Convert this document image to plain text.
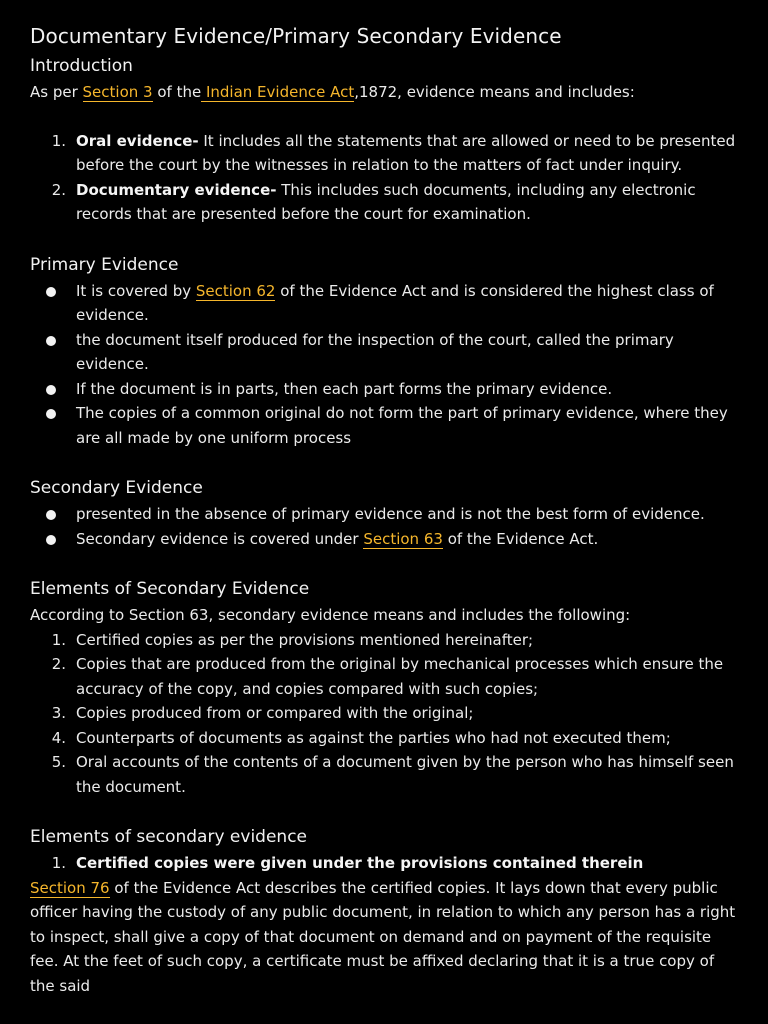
Documentary Evidence/Primary Secondary Evidence
Introduction

As per Section 3 of the Indian Evidence Act,1872, evidence means and includes:

1. Oral evidence- It includes all the statements that are allowed or need to be presented before the court by the witnesses in relation to the matters of fact under inquiry.
2. Documentary evidence- This includes such documents, including any electronic records that are presented before the court for examination.
Primary Evidence
It is covered by Section 62 of the Evidence Act and is considered the highest class of evidence.
the document itself produced for the inspection of the court, called the primary evidence.
If the document is in parts, then each part forms the primary evidence.
The copies of a common original do not form the part of primary evidence, where they are all made by one uniform process
Secondary Evidence
presented in the absence of primary evidence and is not the best form of evidence.
Secondary evidence is covered under Section 63 of the Evidence Act.
Elements of Secondary Evidence

According to Section 63, secondary evidence means and includes the following:

1. Certified copies as per the provisions mentioned hereinafter;
2. Copies that are produced from the original by mechanical processes which ensure the accuracy of the copy, and copies compared with such copies;
3. Copies produced from or compared with the original;
4. Counterparts of documents as against the parties who had not executed them;
5. Oral accounts of the contents of a document given by the person who has himself seen the document.
Elements of secondary evidence
1. Certified copies were given under the provisions contained therein

Section 76 of the Evidence Act describes the certified copies. It lays down that every public officer having the custody of any public document, in relation to which any person has a right to inspect, shall give a copy of that document on demand and on payment of the requisite fee. At the feet of such copy, a certificate must be affixed declaring that it is a true copy of the said
